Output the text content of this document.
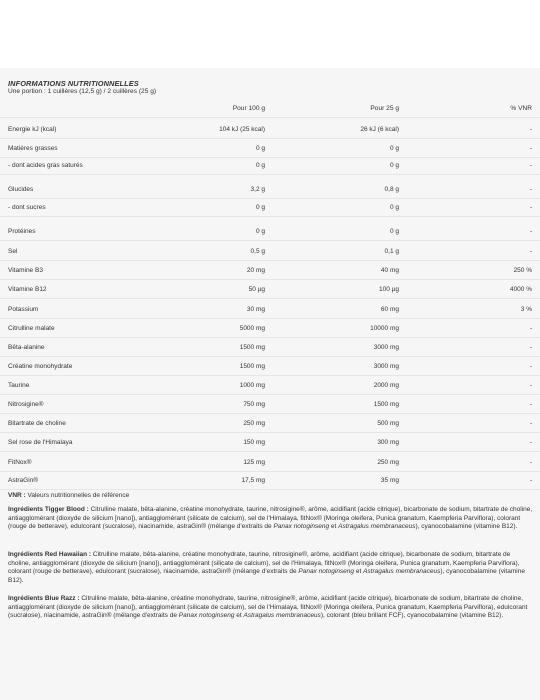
INFORMATIONS NUTRITIONNELLES
Une portion : 1 cuillères (12,5 g) / 2 cuillères (25 g)
Pour 100 g	Pour 25 g	% VNR
Energie kJ (kcal)	104 kJ (25 kcal)	26 kJ (6 kcal)	-
Matières grasses	0 g	0 g	-
- dont acides gras saturés	0 g	0 g	-
Glucides	3,2 g	0,8 g	-
- dont sucres	0 g	0 g	-
Protéines	0 g	0 g	-
Sel	0,5 g	0,1 g	-
Vitamine B3	20 mg	40 mg	250 %
Vitamine B12	50 µg	100 µg	4000 %
Potassium	30 mg	60 mg	3 %
Citrulline malate	5000 mg	10000 mg	-
Bêta-alanine	1500 mg	3000 mg	-
Créatine monohydrate	1500 mg	3000 mg	-
Taurine	1000 mg	2000 mg	-
Nitrosigine®	750 mg	1500 mg	-
Bitartrate de choline	250 mg	500 mg	-
Sel rose de l'Himalaya	150 mg	300 mg	-
FitNox®	125 mg	250 mg	-
AstraGin®	17,5 mg	35 mg	-
VNR : Valeurs nutritionnelles de référence
Ingrédients Tigger Blood : Citrulline malate, bêta-alanine, créatine monohydrate, taurine, nitrosigine®, arôme, acidifiant (acide citrique), bicarbonate de sodium, bitartrate de choline, antiagglomérant (dioxyde de silicium [nano]), antiagglomérant (silicate de calcium), sel de l'Himalaya, fitNox® (Moringa oleifera, Punica granatum, Kaempferia Parviflora), colorant (rouge de betterave), edulcorant (sucralose), niacinamide, astraGin® (mélange d'extraits de Panax notoginseng et Astragalus membranaceus), cyanocobalamine (vitamine B12).
Ingrédients Red Hawaiian : Citrulline malate, bêta-alanine, créatine monohydrate, taurine, nitrosigine®, arôme, acidifiant (acide citrique), bicarbonate de sodium, bitartrate de choline, antiagglomérant (dioxyde de silicium [nano]), antiagglomérant (silicate de calcium), sel de l'Himalaya, fitNox® (Moringa oleifera, Punica granatum, Kaempferia Parviflora), colorant (rouge de betterave), edulcorant (sucralose), niacinamide, astraGin® (mélange d'extraits de Panax notoginseng et Astragalus membranaceus), cyanocobalamine (vitamine B12).
Ingrédients Blue Razz : Citrulline malate, bêta-alanine, créatine monohydrate, taurine, nitrosigine®, arôme, acidifiant (acide citrique), bicarbonate de sodium, bitartrate de choline, antiagglomérant (dioxyde de silicium [nano]), antiagglomérant (silicate de calcium), sel de l'Himalaya, fitNox® (Moringa oleifera, Punica granatum, Kaempferia Parviflora), edulcorant (sucralose), niacinamide, astraGin® (mélange d'extraits de Panax notoginseng et Astragalus membranaceus), colorant (bleu brillant FCF), cyanocobalamine (vitamine B12).
